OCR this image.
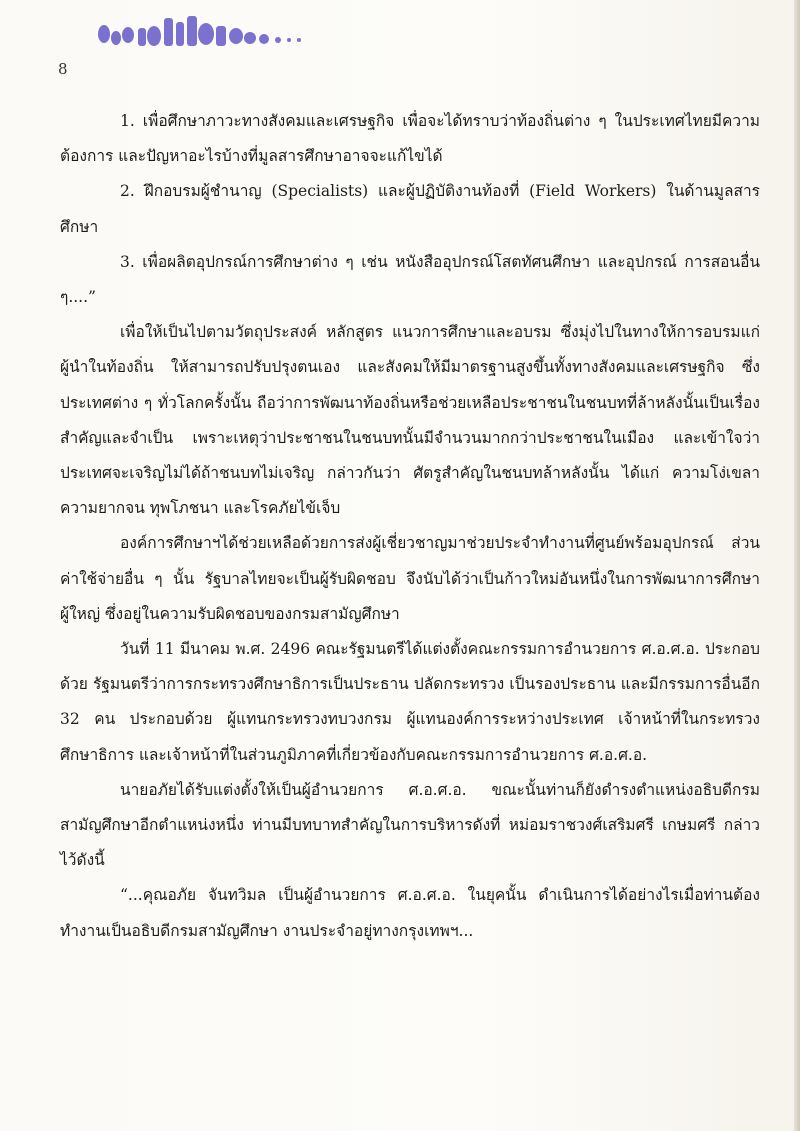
8

1. เพื่อศึกษาภาวะทางสังคมและเศรษฐกิจ เพื่อจะได้ทราบว่าท้องถิ่นต่าง ๆ ในประเทศไทยมีความต้องการ และปัญหาอะไรบ้างที่มูลสารศึกษาอาจจะแก้ไขได้

2. ฝึกอบรมผู้ชำนาญ (Specialists) และผู้ปฏิบัติงานท้องที่ (Field Workers) ในด้านมูลสารศึกษา

3. เพื่อผลิตอุปกรณ์การศึกษาต่าง ๆ เช่น หนังสืออุปกรณ์โสตทัศนศึกษา และอุปกรณ์ การสอนอื่น ๆ....”

เพื่อให้เป็นไปตามวัตถุประสงค์ หลักสูตร แนวการศึกษาและอบรม ซึ่งมุ่งไปในทางให้การอบรมแก่ผู้นำในท้องถิ่น ให้สามารถปรับปรุงตนเอง และสังคมให้มีมาตรฐานสูงขึ้นทั้งทางสังคมและเศรษฐกิจ ซึ่งประเทศต่าง ๆ ทั่วโลกครั้งนั้น ถือว่าการพัฒนาท้องถิ่นหรือช่วยเหลือประชาชนในชนบทที่ล้าหลังนั้นเป็นเรื่องสำคัญและจำเป็น เพราะเหตุว่าประชาชนในชนบทนั้นมีจำนวนมากกว่าประชาชนในเมือง และเข้าใจว่าประเทศจะเจริญไม่ได้ถ้าชนบทไม่เจริญ กล่าวกันว่า ศัตรูสำคัญในชนบทล้าหลังนั้น ได้แก่ ความโง่เขลา ความยากจน ทุพโภชนา และโรคภัยไข้เจ็บ

องค์การศึกษาฯได้ช่วยเหลือด้วยการส่งผู้เชี่ยวชาญมาช่วยประจำทำงานที่ศูนย์พร้อมอุปกรณ์ ส่วนค่าใช้จ่ายอื่น ๆ นั้น รัฐบาลไทยจะเป็นผู้รับผิดชอบ จึงนับได้ว่าเป็นก้าวใหม่อันหนึ่งในการพัฒนาการศึกษาผู้ใหญ่ ซึ่งอยู่ในความรับผิดชอบของกรมสามัญศึกษา

วันที่ 11 มีนาคม พ.ศ. 2496 คณะรัฐมนตรีได้แต่งตั้งคณะกรรมการอำนวยการ ศ.อ.ศ.อ. ประกอบด้วย รัฐมนตรีว่าการกระทรวงศึกษาธิการเป็นประธาน ปลัดกระทรวง เป็นรองประธาน และมีกรรมการอื่นอีก 32 คน ประกอบด้วย ผู้แทนกระทรวงทบวงกรม ผู้แทนองค์การระหว่างประเทศ เจ้าหน้าที่ในกระทรวงศึกษาธิการ และเจ้าหน้าที่ในส่วนภูมิภาคที่เกี่ยวข้องกับคณะกรรมการอำนวยการ ศ.อ.ศ.อ.

นายอภัยได้รับแต่งตั้งให้เป็นผู้อำนวยการ ศ.อ.ศ.อ. ขณะนั้นท่านก็ยังดำรงตำแหน่งอธิบดีกรมสามัญศึกษาอีกตำแหน่งหนึ่ง ท่านมีบทบาทสำคัญในการบริหารดังที่ หม่อมราชวงศ์เสริมศรี เกษมศรี กล่าวไว้ดังนี้

“...คุณอภัย จันทวิมล เป็นผู้อำนวยการ ศ.อ.ศ.อ. ในยุคนั้น ดำเนินการได้อย่างไรเมื่อท่านต้องทำงานเป็นอธิบดีกรมสามัญศึกษา งานประจำอยู่ทางกรุงเทพฯ...
